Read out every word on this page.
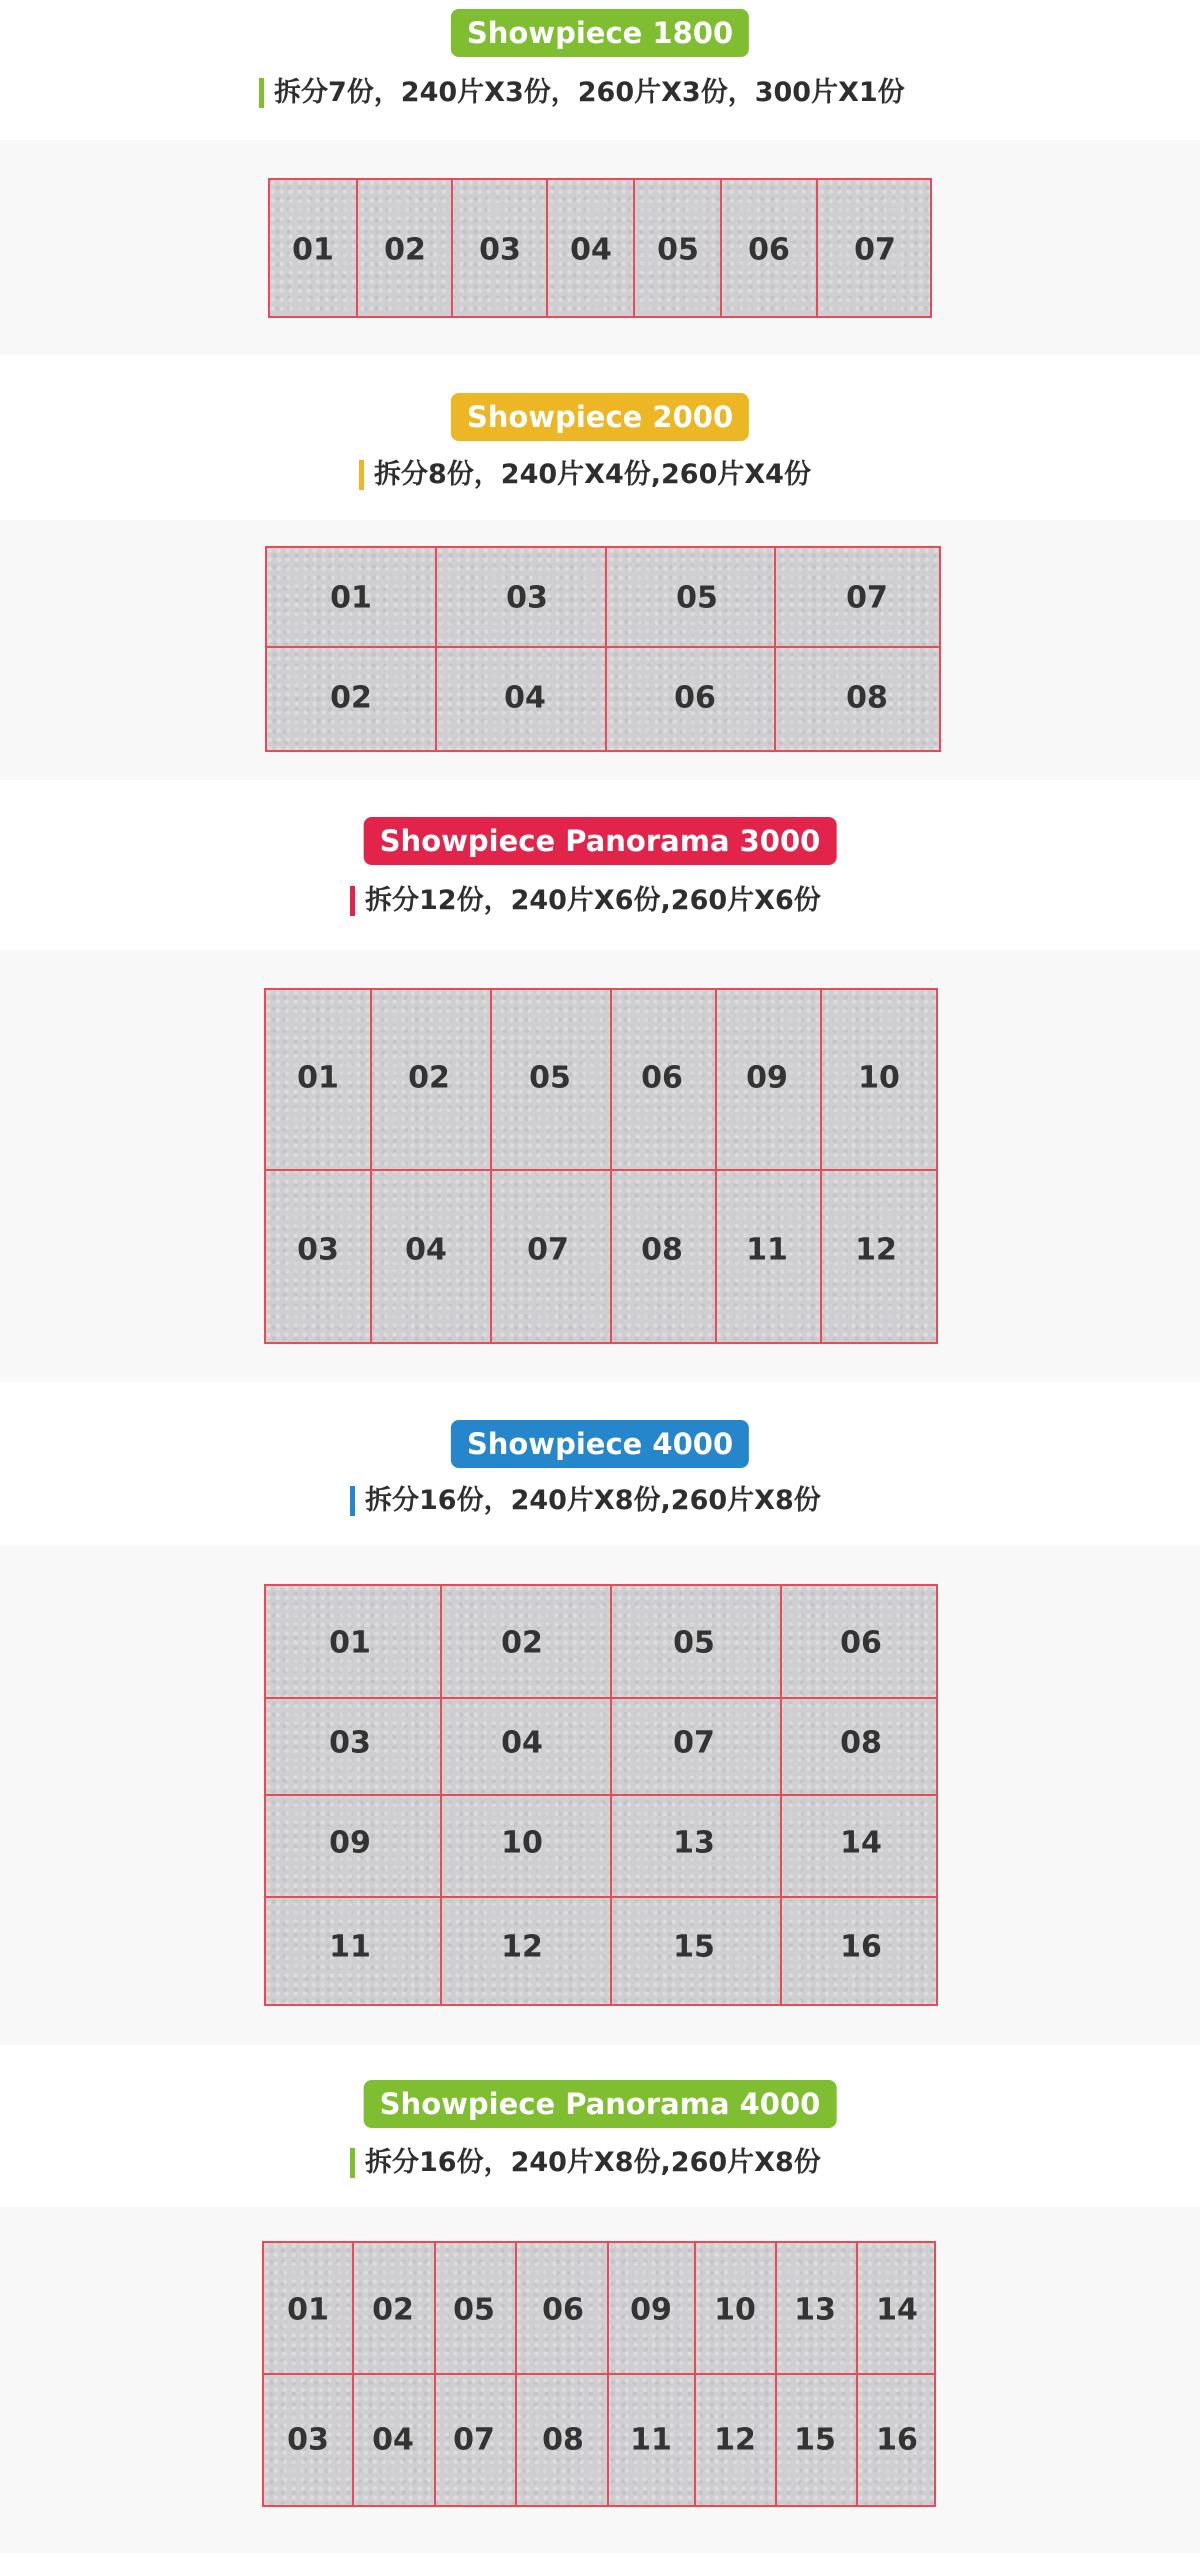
Showpiece 1800
拆分7份，240片X3份，260片X3份，300片X1份
01 02 03 04 05 06 07
Showpiece 2000
拆分8份，240片X4份,260片X4份
01	03	05	07
02	04	06	08
Showpiece Panorama 3000
拆分12份，240片X6份,260片X6份
01 02	05 06 09 10
03 04	07 08 11 12
Showpiece 4000
拆分16份，240片X8份,260片X8份
01	02	05	06
03	04	07	08
09	10	13	14
11	12	15	16
Showpiece Panorama 4000
拆分16份，240片X8份,260片X8份
01 02 05 06 09 10 13 14
03 04 07 08 11 12 15 16
